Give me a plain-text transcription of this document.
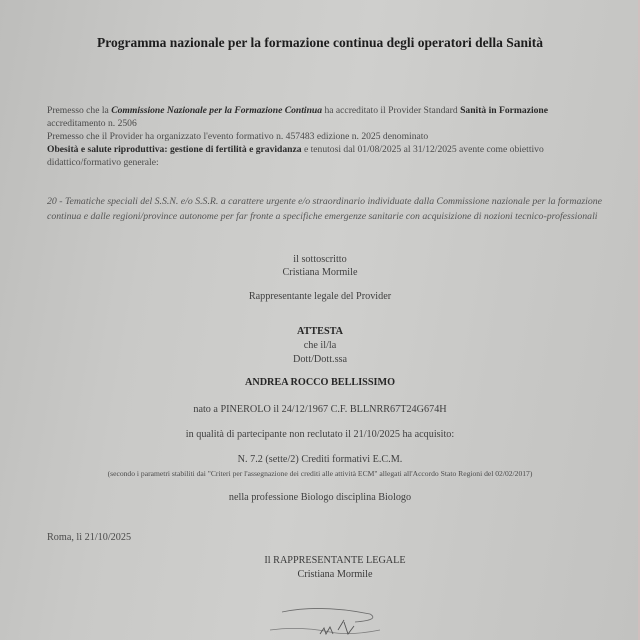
Programma nazionale per la formazione continua degli operatori della Sanità

Premesso che la Commissione Nazionale per la Formazione Continua ha accreditato il Provider Standard Sanità in Formazione accreditamento n. 2506

Premesso che il Provider ha organizzato l'evento formativo n. 457483 edizione n. 2025 denominato
Obesità e salute riproduttiva: gestione di fertilità e gravidanza e tenutosi dal 01/08/2025 al 31/12/2025 avente come obiettivo didattico/formativo generale:

20 - Tematiche speciali del S.S.N. e/o S.S.R. a carattere urgente e/o straordinario individuate dalla Commissione nazionale per la formazione continua e dalle regioni/province autonome per far fronte a specifiche emergenze sanitarie con acquisizione di nozioni tecnico-professionali
il sottoscritto
Cristiana Mormile
Rappresentante legale del Provider
ATTESTA
che il/la
Dott/Dott.ssa
ANDREA ROCCO BELLISSIMO
nato a PINEROLO il 24/12/1967 C.F. BLLNRR67T24G674H
in qualità di partecipante non reclutato il 21/10/2025 ha acquisito:
N. 7.2 (sette/2) Crediti formativi E.C.M.
(secondo i parametri stabiliti dai "Criteri per l'assegnazione dei crediti alle attività ECM" allegati all'Accordo Stato Regioni del 02/02/2017)
nella professione Biologo disciplina Biologo
Roma, lì 21/10/2025
Il RAPPRESENTANTE LEGALE
Cristiana Mormile
